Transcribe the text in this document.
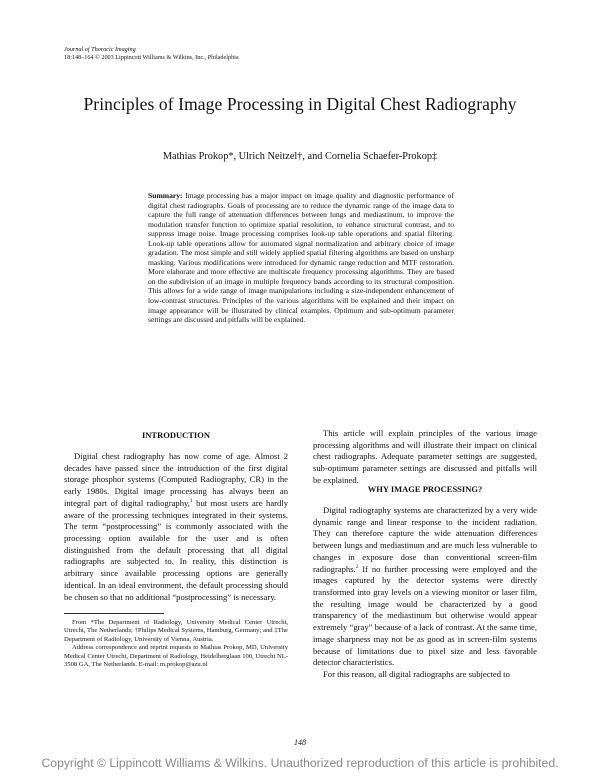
Journal of Thoracic Imaging
18:148–164 © 2003 Lippincott Williams & Wilkins, Inc., Philadelphia
Principles of Image Processing in Digital Chest Radiography
Mathias Prokop*, Ulrich Neitzel†, and Cornelia Schaefer-Prokop‡

Summary: Image processing has a major impact on image quality and diagnostic performance of digital chest radiographs. Goals of processing are to reduce the dynamic range of the image data to capture the full range of attenuation differences between lungs and mediastinum, to improve the modulation transfer function to optimize spatial resolution, to enhance structural contrast, and to suppress image noise. Image processing comprises look-up table operations and spatial filtering. Look-up table operations allow for automated signal normalization and arbitrary choice of image gradation. The most simple and still widely applied spatial filtering algorithms are based on unsharp masking. Various modifications were introduced for dynamic range reduction and MTF restoration. More elaborate and more effective are multiscale frequency processing algorithms. They are based on the subdivision of an image in multiple frequency bands according to its structural composition. This allows for a wide range of image manipulations including a size-independent enhancement of low-contrast structures. Principles of the various algorithms will be explained and their impact on image appearance will be illustrated by clinical examples. Optimum and sub-optimum parameter settings are discussed and pitfalls will be explained.

INTRODUCTION

Digital chest radiography has now come of age. Almost 2 decades have passed since the introduction of the first digital storage phosphor systems (Computed Radiography, CR) in the early 1980s. Digital image processing has always been an integral part of digital radiography,$^1$ but most users are hardly aware of the processing techniques integrated in their systems. The term “postprocessing” is commonly associated with the processing option available for the user and is often distinguished from the default processing that all digital radiographs are subjected to. In reality, this distinction is arbitrary since available processing options are generally identical. In an ideal environment, the default processing should be chosen so that no additional “postprocessing” is necessary.

From *The Department of Radiology, University Medical Center Utrecht, Utrecht, The Netherlands; †Philips Medical Systems, Hamburg, Germany; and ‡The Department of Radiology, University of Vienna, Austria.

Address correspondence and reprint requests to Mathias Prokop, MD, University Medical Center Utrecht, Department of Radiology, Heidelberglaan 100, Utrecht NL-3508 GA, The Netherlands. E-mail: m.prokop@azu.nl

This article will explain principles of the various image processing algorithms and will illustrate their impact on clinical chest radiographs. Adequate parameter settings are suggested, sub-optimum parameter settings are discussed and pitfalls will be explained.

WHY IMAGE PROCESSING?

Digital radiography systems are characterized by a very wide dynamic range and linear response to the incident radiation. They can therefore capture the wide attenuation differences between lungs and mediastinum and are much less vulnerable to changes in exposure dose than conventional screen-film radiographs.$^2$ If no further processing were employed and the images captured by the detector systems were directly transformed into gray levels on a viewing monitor or laser film, the resulting image would be characterized by a good transparency of the mediastinum but otherwise would appear extremely “gray” because of a lack of contrast. At the same time, image sharpness may not be as good as in screen-film systems because of limitations due to pixel size and less favorable detector characteristics.

For this reason, all digital radiographs are subjected to

148
Copyright © Lippincott Williams & Wilkins. Unauthorized reproduction of this article is prohibited.
